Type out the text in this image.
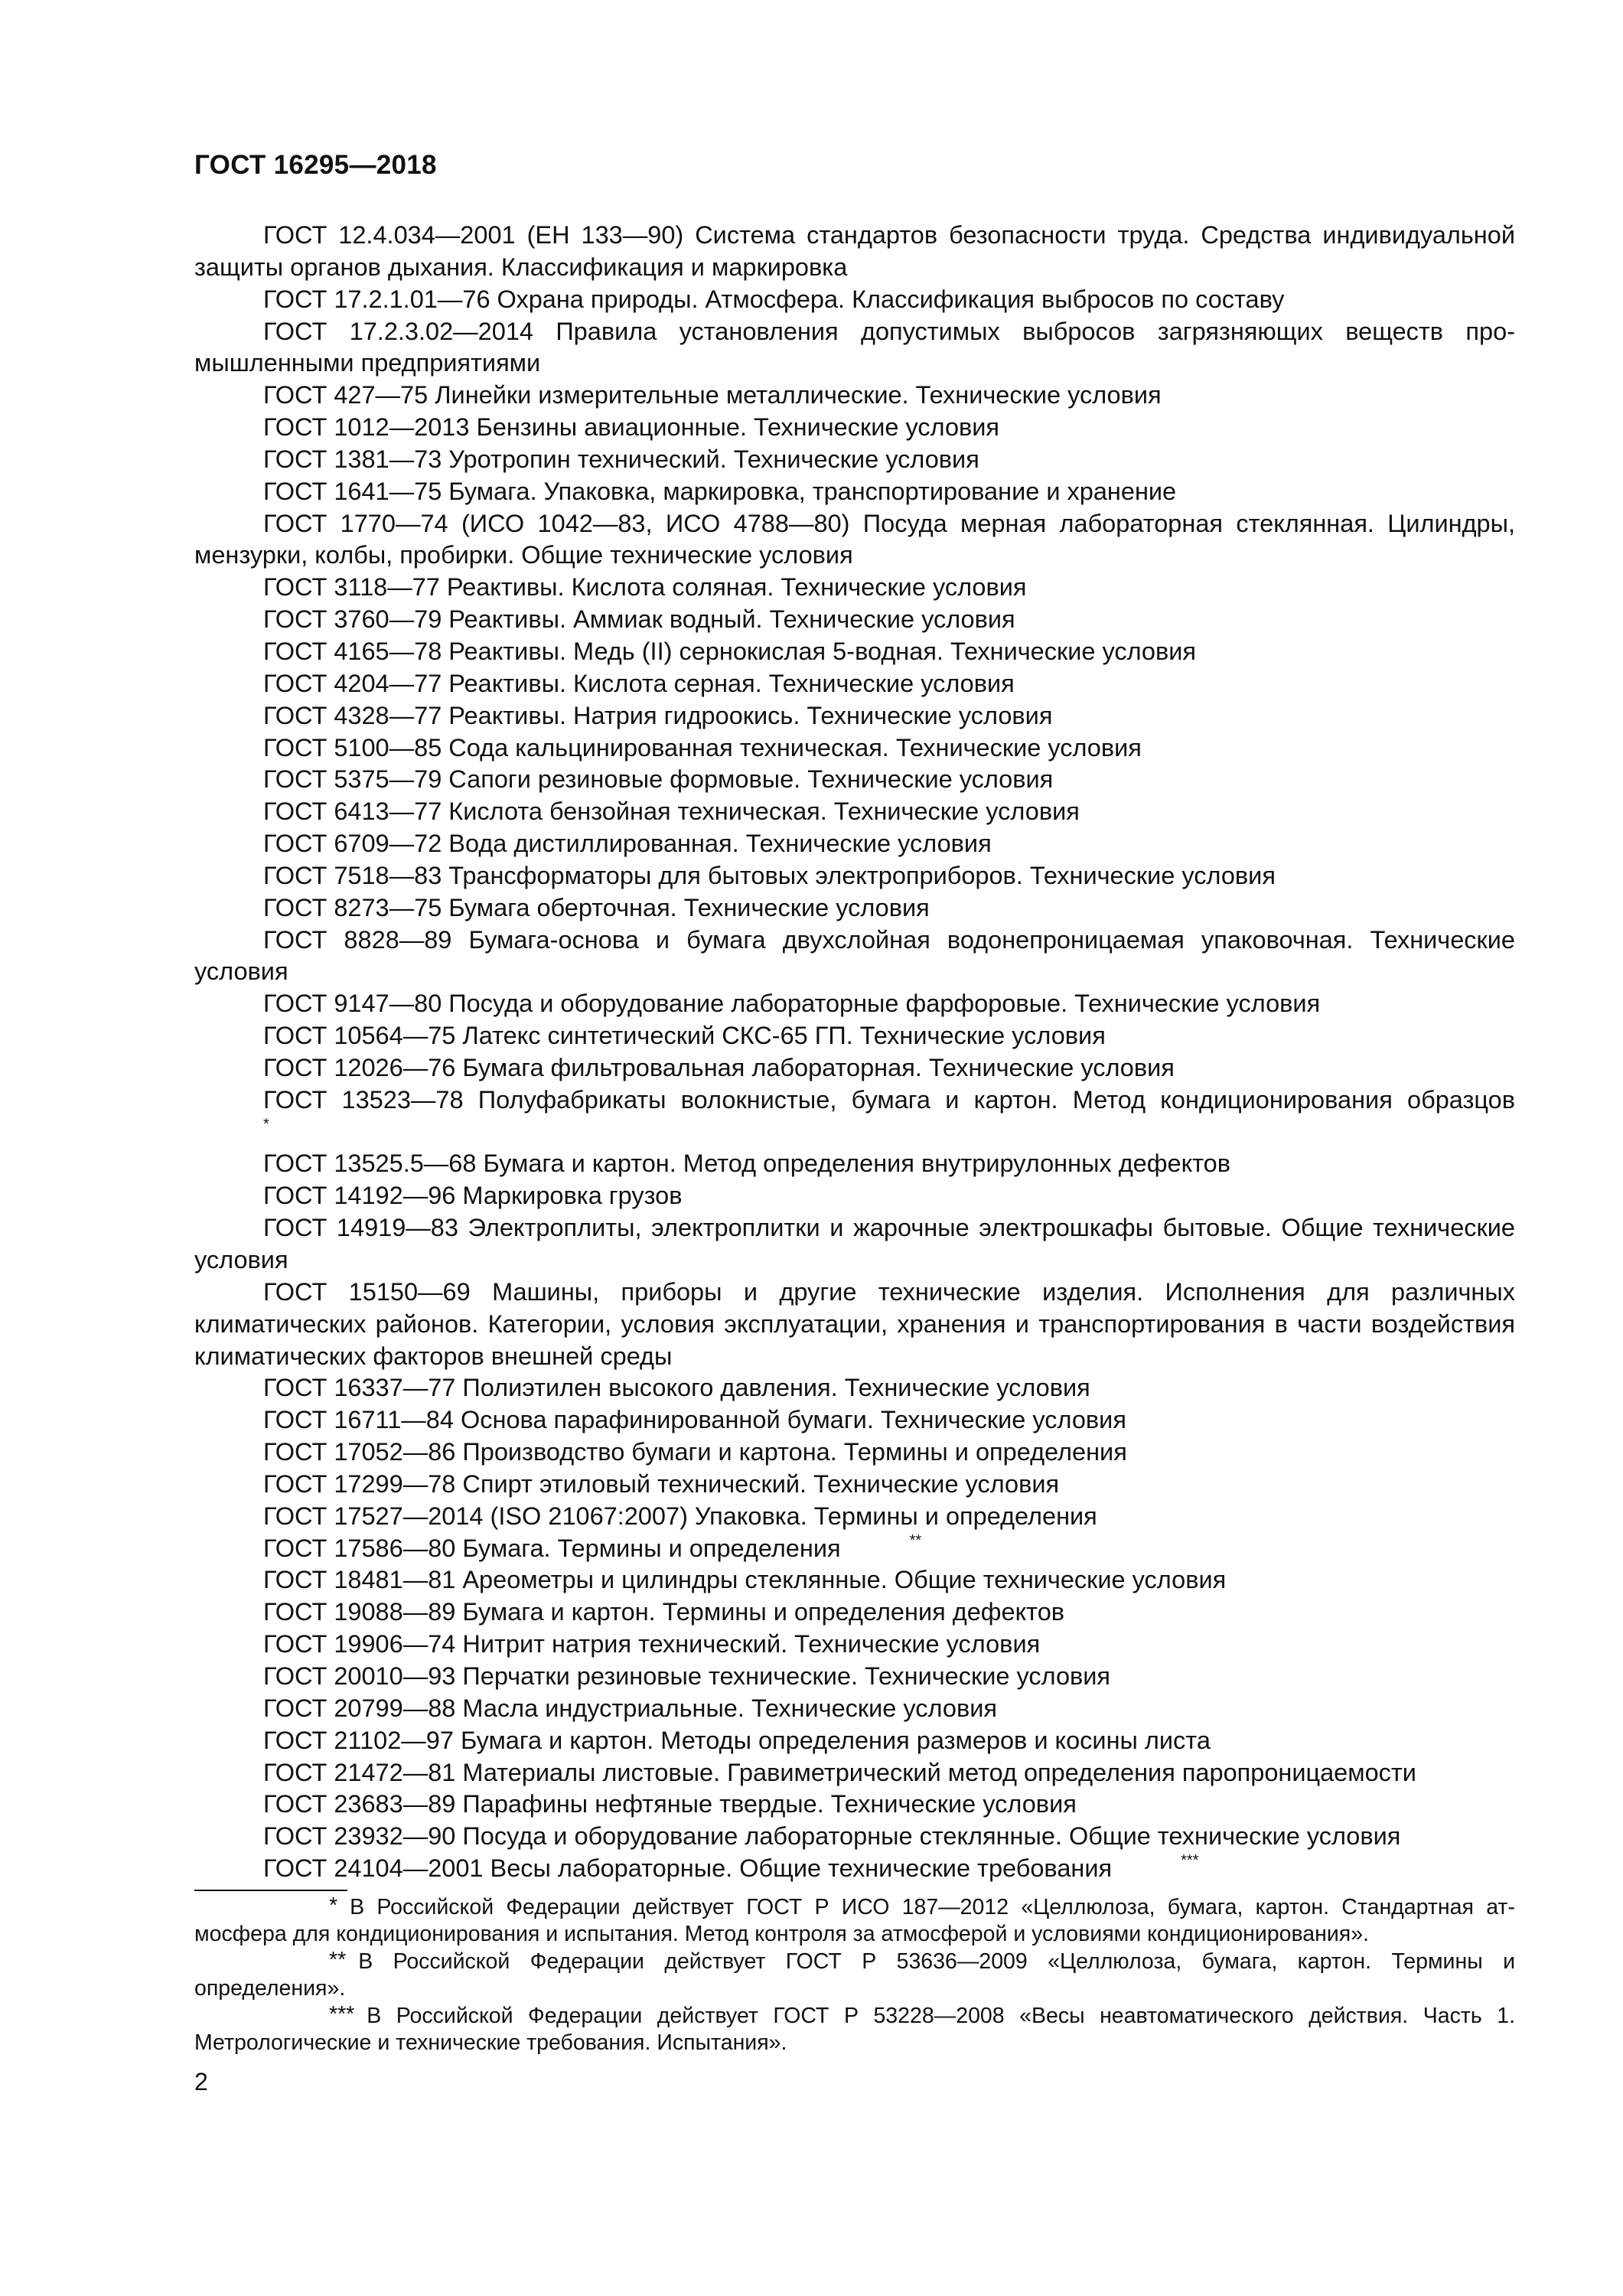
ГОСТ 16295—2018

ГОСТ 12.4.034—2001 (ЕН 133—90) Система стандартов безопасности труда. Средства индивидуальной защиты органов дыхания. Классификация и маркировка

ГОСТ 17.2.1.01—76 Охрана природы. Атмосфера. Классификация выбросов по составу

ГОСТ 17.2.3.02—2014 Правила установления допустимых выбросов загрязняющих веществ промышленными предприятиями

ГОСТ 427—75 Линейки измерительные металлические. Технические условия

ГОСТ 1012—2013 Бензины авиационные. Технические условия

ГОСТ 1381—73 Уротропин технический. Технические условия

ГОСТ 1641—75 Бумага. Упаковка, маркировка, транспортирование и хранение

ГОСТ 1770—74 (ИСО 1042—83, ИСО 4788—80) Посуда мерная лабораторная стеклянная. Цилиндры, мензурки, колбы, пробирки. Общие технические условия

ГОСТ 3118—77 Реактивы. Кислота соляная. Технические условия

ГОСТ 3760—79 Реактивы. Аммиак водный. Технические условия

ГОСТ 4165—78 Реактивы. Медь (II) сернокислая 5-водная. Технические условия

ГОСТ 4204—77 Реактивы. Кислота серная. Технические условия

ГОСТ 4328—77 Реактивы. Натрия гидроокись. Технические условия

ГОСТ 5100—85 Сода кальцинированная техническая. Технические условия

ГОСТ 5375—79 Сапоги резиновые формовые. Технические условия

ГОСТ 6413—77 Кислота бензойная техническая. Технические условия

ГОСТ 6709—72 Вода дистиллированная. Технические условия

ГОСТ 7518—83 Трансформаторы для бытовых электроприборов. Технические условия

ГОСТ 8273—75 Бумага оберточная. Технические условия

ГОСТ 8828—89 Бумага-основа и бумага двухслойная водонепроницаемая упаковочная. Технические условия

ГОСТ 9147—80 Посуда и оборудование лабораторные фарфоровые. Технические условия

ГОСТ 10564—75 Латекс синтетический СКС-65 ГП. Технические условия

ГОСТ 12026—76 Бумага фильтровальная лабораторная. Технические условия

ГОСТ 13523—78 Полуфабрикаты волокнистые, бумага и картон. Метод кондиционирования образцов*

ГОСТ 13525.5—68 Бумага и картон. Метод определения внутрирулонных дефектов

ГОСТ 14192—96 Маркировка грузов

ГОСТ 14919—83 Электроплиты, электроплитки и жарочные электрошкафы бытовые. Общие технические условия

ГОСТ 15150—69 Машины, приборы и другие технические изделия. Исполнения для различных климатических районов. Категории, условия эксплуатации, хранения и транспортирования в части воздействия климатических факторов внешней среды

ГОСТ 16337—77 Полиэтилен высокого давления. Технические условия

ГОСТ 16711—84 Основа парафинированной бумаги. Технические условия

ГОСТ 17052—86 Производство бумаги и картона. Термины и определения

ГОСТ 17299—78 Спирт этиловый технический. Технические условия

ГОСТ 17527—2014 (ISO 21067:2007) Упаковка. Термины и определения

ГОСТ 17586—80 Бумага. Термины и определения	**

ГОСТ 18481—81 Ареометры и цилиндры стеклянные. Общие технические условия

ГОСТ 19088—89 Бумага и картон. Термины и определения дефектов

ГОСТ 19906—74 Нитрит натрия технический. Технические условия

ГОСТ 20010—93 Перчатки резиновые технические. Технические условия

ГОСТ 20799—88 Масла индустриальные. Технические условия

ГОСТ 21102—97 Бумага и картон. Методы определения размеров и косины листа

ГОСТ 21472—81 Материалы листовые. Гравиметрический метод определения паропроницаемости

ГОСТ 23683—89 Парафины нефтяные твердые. Технические условия

ГОСТ 23932—90 Посуда и оборудование лабораторные стеклянные. Общие технические условия

ГОСТ 24104—2001 Весы лабораторные. Общие технические требования	***

* В Российской Федерации действует ГОСТ Р ИСО 187—2012 «Целлюлоза, бумага, картон. Стандартная атмосфера для кондиционирования и испытания. Метод контроля за атмосферой и условиями кондиционирования».

** В Российской Федерации действует ГОСТ Р 53636—2009 «Целлюлоза, бумага, картон. Термины и определения».

*** В Российской Федерации действует ГОСТ Р 53228—2008 «Весы неавтоматического действия. Часть 1. Метрологические и технические требования. Испытания».

2
